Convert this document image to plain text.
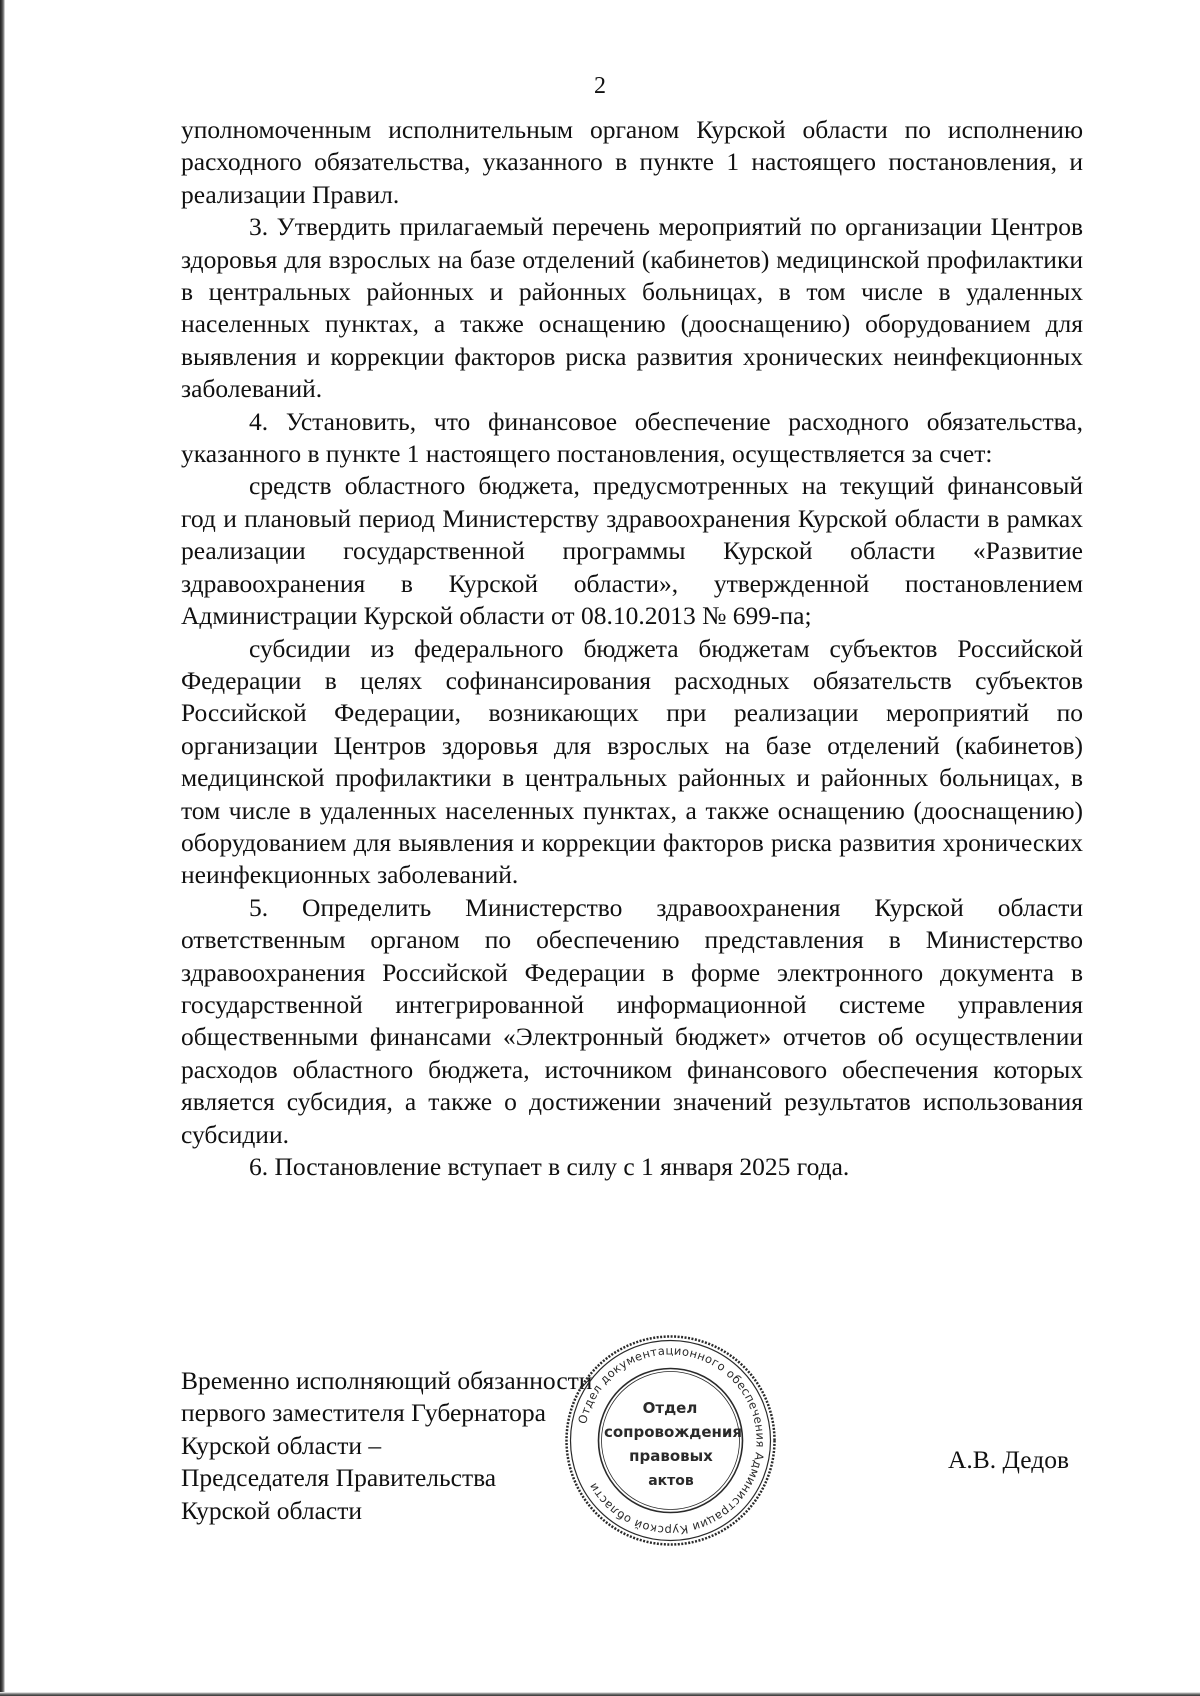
2

уполномоченным исполнительным органом Курской области по исполнению расходного обязательства, указанного в пункте 1 настоящего постановления, и реализации Правил.

3. Утвердить прилагаемый перечень мероприятий по организации Центров здоровья для взрослых на базе отделений (кабинетов) медицинской профилактики в центральных районных и районных больницах, в том числе в удаленных населенных пунктах, а также оснащению (дооснащению) оборудованием для выявления и коррекции факторов риска развития хронических неинфекционных заболеваний.

4. Установить, что финансовое обеспечение расходного обязательства, указанного в пункте 1 настоящего постановления, осуществляется за счет:

средств областного бюджета, предусмотренных на текущий финансовый год и плановый период Министерству здравоохранения Курской области в рамках реализации государственной программы Курской области «Развитие здравоохранения в Курской области», утвержденной постановлением Администрации Курской области от 08.10.2013 № 699-па;

субсидии из федерального бюджета бюджетам субъектов Российской Федерации в целях софинансирования расходных обязательств субъектов Российской Федерации, возникающих при реализации мероприятий по организации Центров здоровья для взрослых на базе отделений (кабинетов) медицинской профилактики в центральных районных и районных больницах, в том числе в удаленных населенных пунктах, а также оснащению (дооснащению) оборудованием для выявления и коррекции факторов риска развития хронических неинфекционных заболеваний.

5. Определить Министерство здравоохранения Курской области ответственным органом по обеспечению представления в Министерство здравоохранения Российской Федерации в форме электронного документа в государственной интегрированной информационной системе управления общественными финансами «Электронный бюджет» отчетов об осуществлении расходов областного бюджета, источником финансового обеспечения которых является субсидия, а также о достижении значений результатов использования субсидии.

6. Постановление вступает в силу с 1 января 2025 года.

Временно исполняющий обязанности
первого заместителя Губернатора
Курской области –
Председателя Правительства
Курской области
А.В. Дедов
Отдел документационного обеспечения Администрации Курской области
Отдел
сопровождения
правовых
актов
